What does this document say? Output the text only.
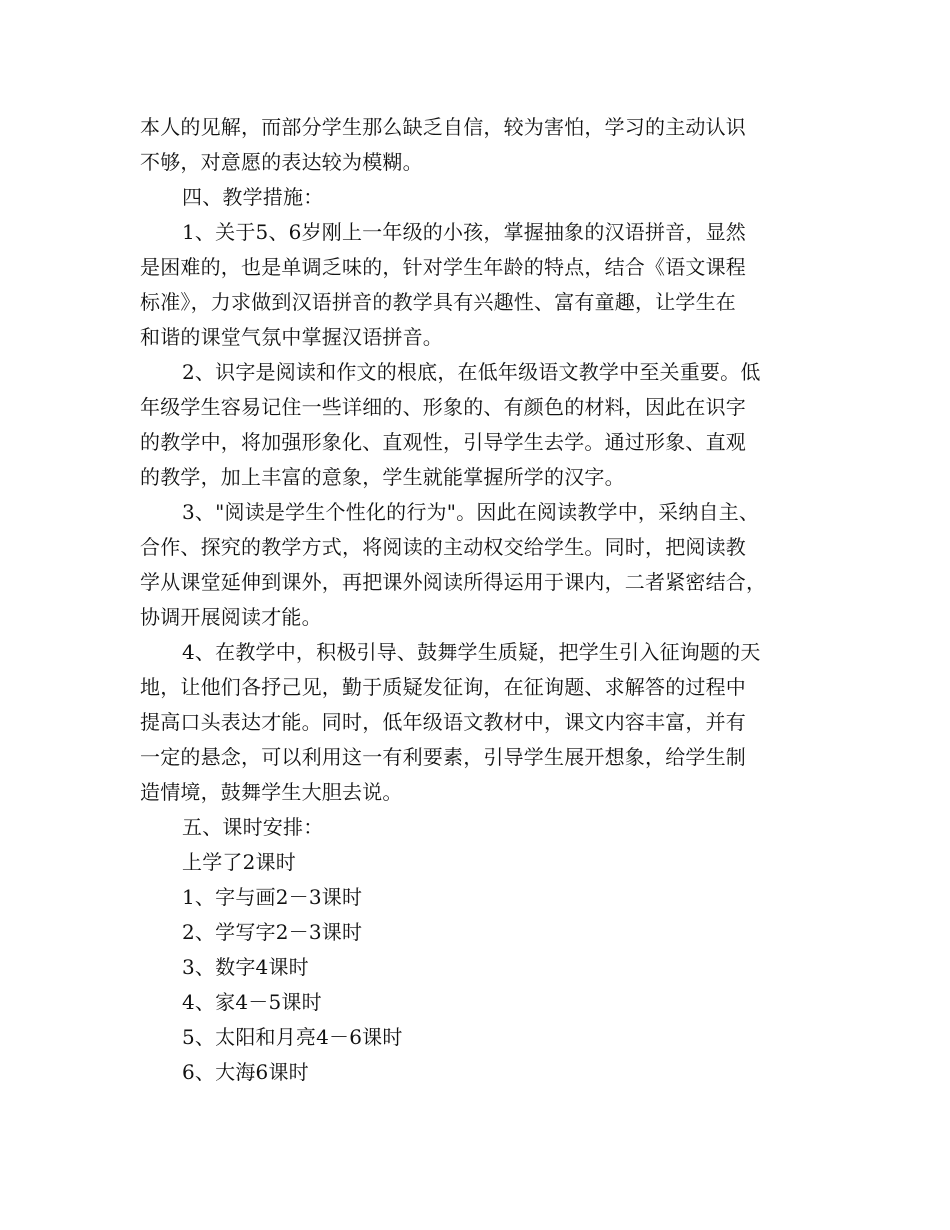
本人的见解，而部分学生那么缺乏自信，较为害怕，学习的主动认识
不够，对意愿的表达较为模糊。
四、教学措施：
1、关于5、6岁刚上一年级的小孩，掌握抽象的汉语拼音，显然
是困难的，也是单调乏味的，针对学生年龄的特点，结合《语文课程
标准》，力求做到汉语拼音的教学具有兴趣性、富有童趣，让学生在
和谐的课堂气氛中掌握汉语拼音。
2、识字是阅读和作文的根底，在低年级语文教学中至关重要。低
年级学生容易记住一些详细的、形象的、有颜色的材料，因此在识字
的教学中，将加强形象化、直观性，引导学生去学。通过形象、直观
的教学，加上丰富的意象，学生就能掌握所学的汉字。
3、"阅读是学生个性化的行为"。因此在阅读教学中，采纳自主、
合作、探究的教学方式，将阅读的主动权交给学生。同时，把阅读教
学从课堂延伸到课外，再把课外阅读所得运用于课内，二者紧密结合，
协调开展阅读才能。
4、在教学中，积极引导、鼓舞学生质疑，把学生引入征询题的天
地，让他们各抒己见，勤于质疑发征询，在征询题、求解答的过程中
提高口头表达才能。同时，低年级语文教材中，课文内容丰富，并有
一定的悬念，可以利用这一有利要素，引导学生展开想象，给学生制
造情境，鼓舞学生大胆去说。
五、课时安排：
上学了2课时
1、字与画2－3课时
2、学写字2－3课时
3、数字4课时
4、家4－5课时
5、太阳和月亮4－6课时
6、大海6课时
